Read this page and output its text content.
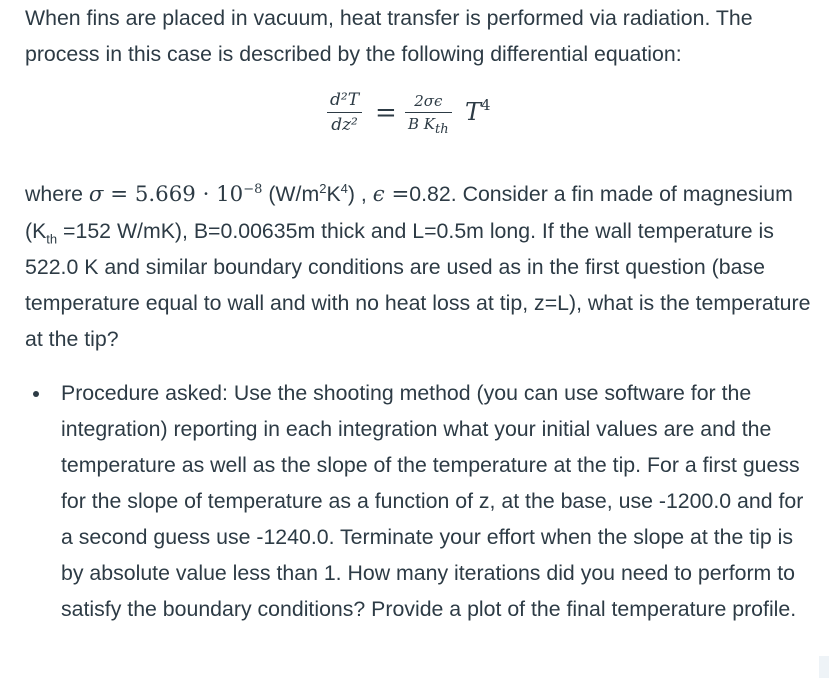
When fins are placed in vacuum, heat transfer is performed via radiation. The process in this case is described by the following differential equation:

d²T
dz² = 2σϵ
B $K_{th}$
$T^4$

where $\sigma = 5.669 \cdot 10^{-8}$ $(W/m^2K^4)$ , ϵ =0.82. Consider a fin made of magnesium ($K_{th} =152$ W/mK), B=0.00635m thick and L=0.5m long. If the wall temperature is 522.0 K and similar boundary conditions are used as in the first question (base temperature equal to wall and with no heat loss at tip, z=L), what is the temperature at the tip?

Procedure asked: Use the shooting method (you can use software for the integration) reporting in each integration what your initial values are and the temperature as well as the slope of the temperature at the tip. For a first guess for the slope of temperature as a function of z, at the base, use -1200.0 and for a second guess use -1240.0. Terminate your effort when the slope at the tip is by absolute value less than 1. How many iterations did you need to perform to satisfy the boundary conditions? Provide a plot of the final temperature profile.
